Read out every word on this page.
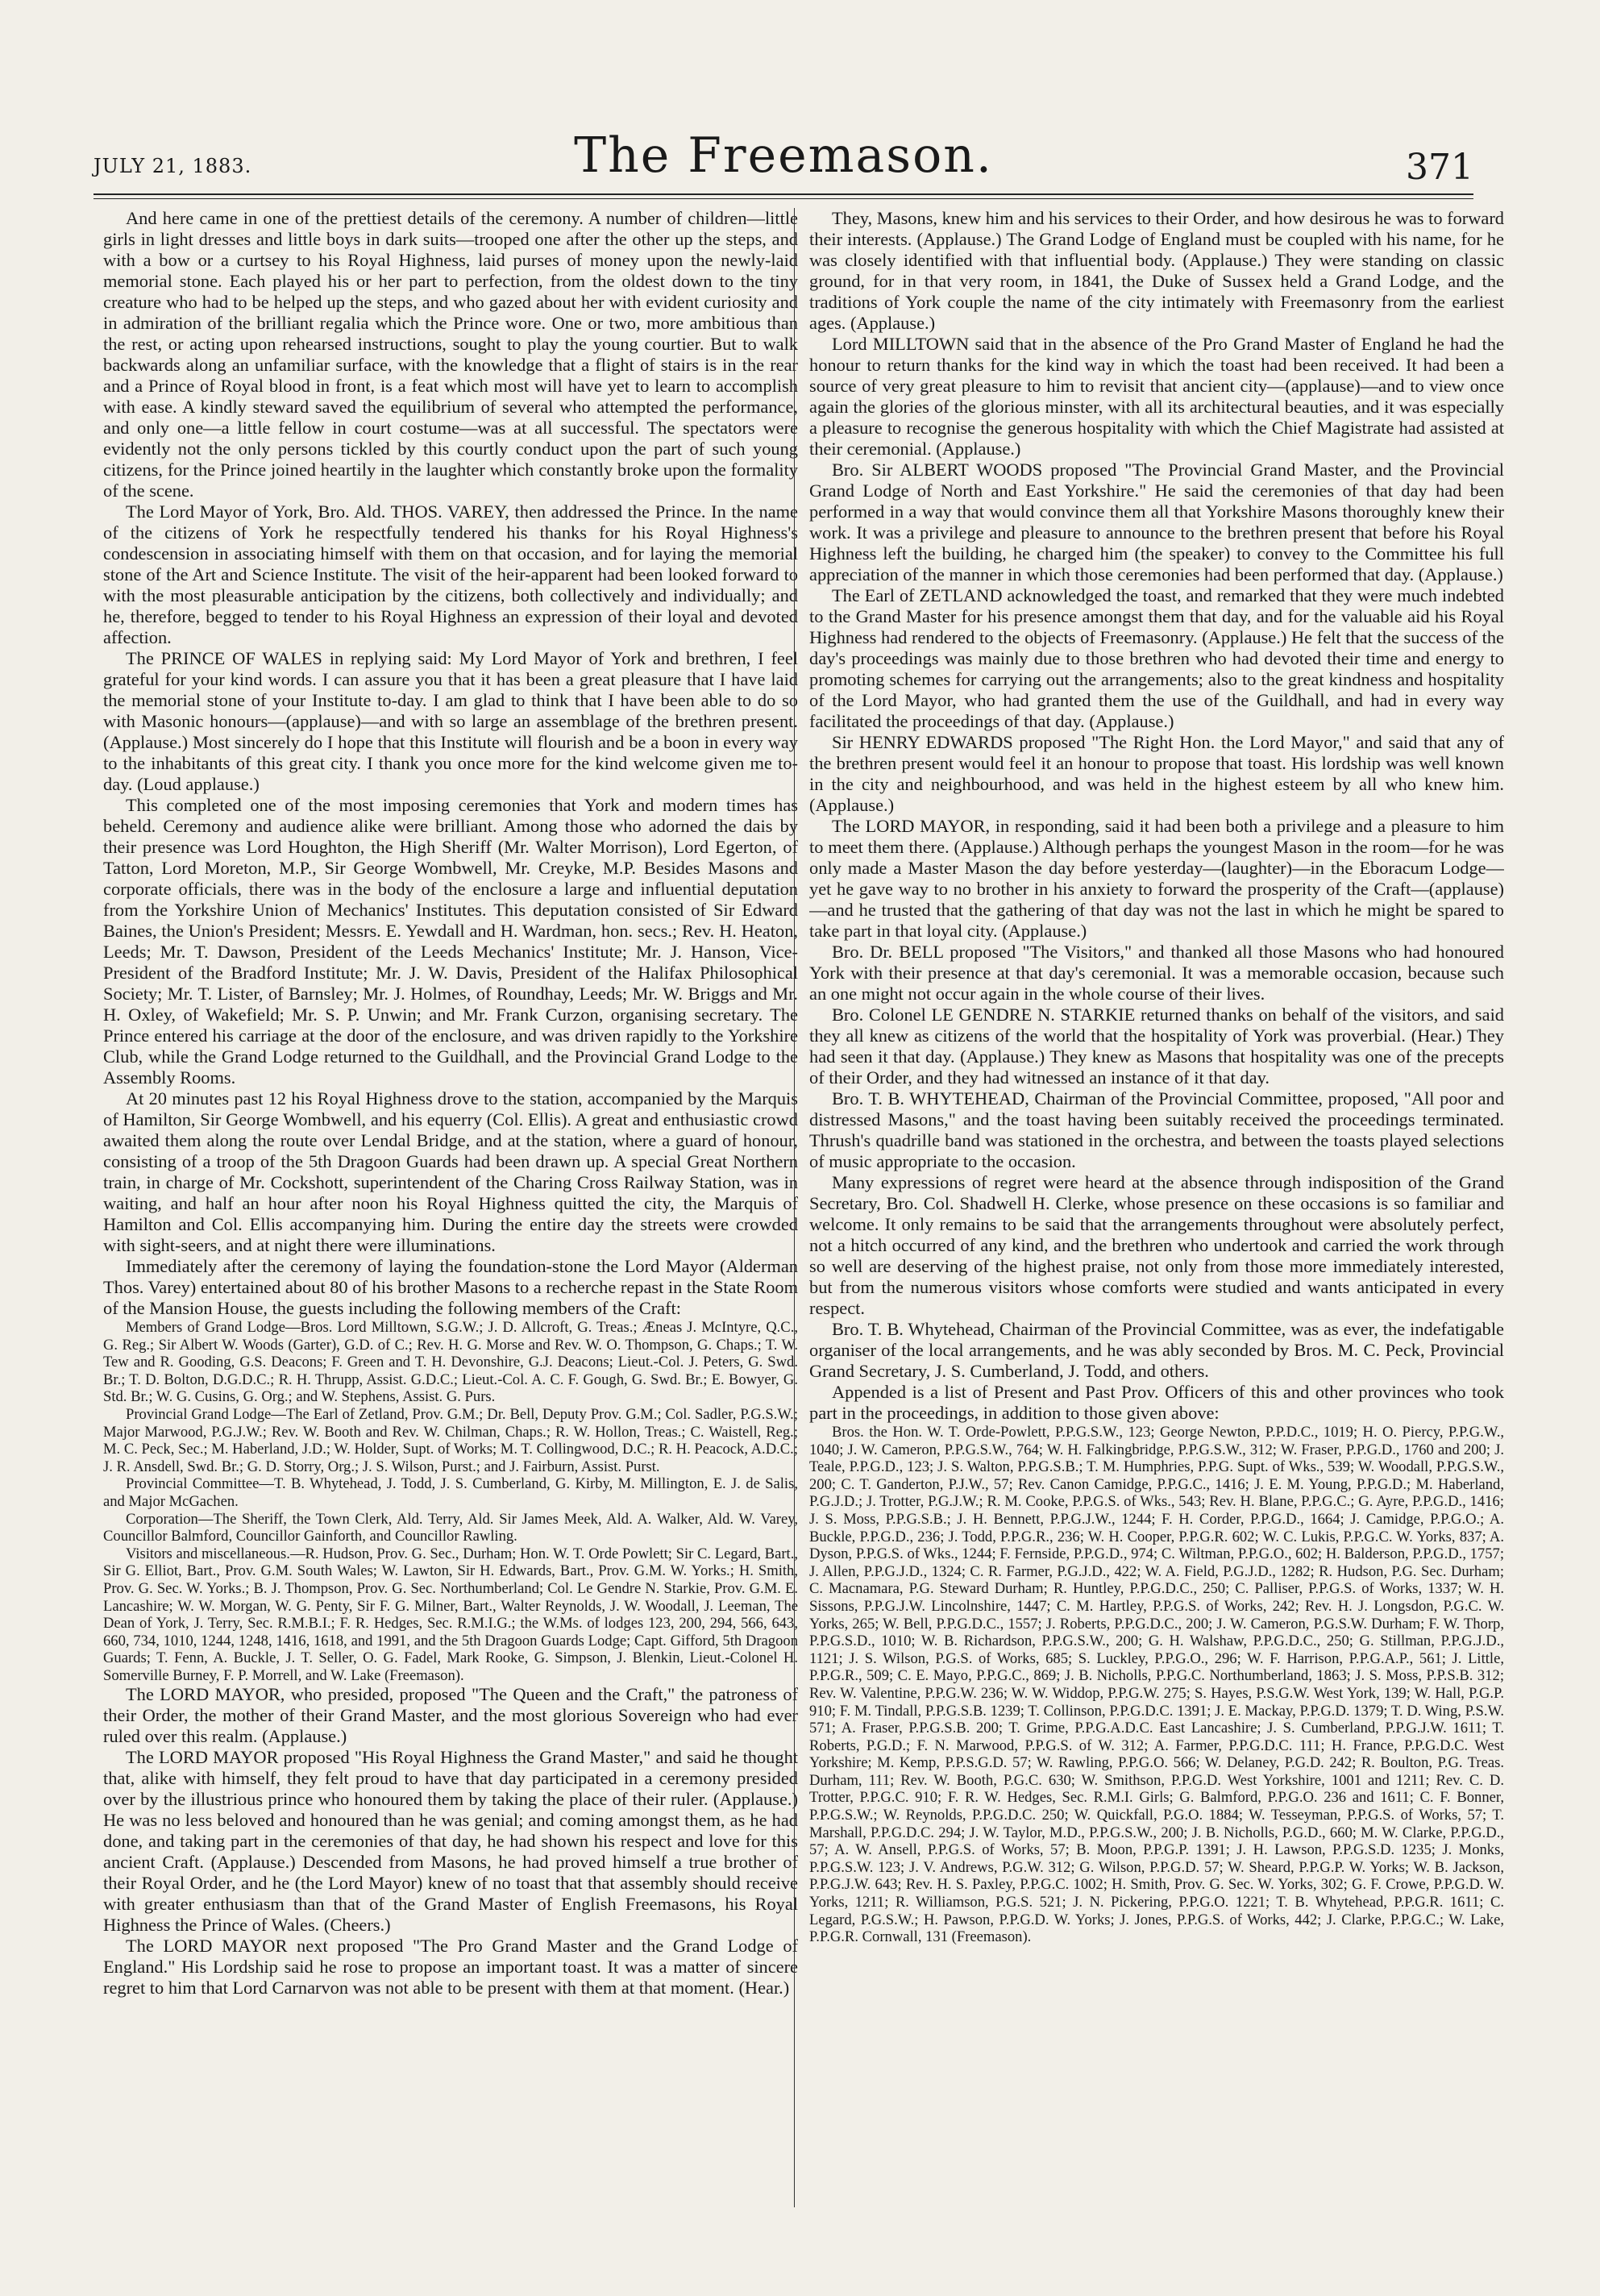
JULY 21, 1883.	The Freemason.	371

And here came in one of the prettiest details of the ceremony. A number of children—little girls in light dresses and little boys in dark suits—trooped one after the other up the steps, and with a bow or a curtsey to his Royal Highness, laid purses of money upon the newly-laid memorial stone. Each played his or her part to perfection, from the oldest down to the tiny creature who had to be helped up the steps, and who gazed about her with evident curiosity and in admiration of the brilliant regalia which the Prince wore. One or two, more ambitious than the rest, or acting upon rehearsed instructions, sought to play the young courtier. But to walk backwards along an unfamiliar surface, with the knowledge that a flight of stairs is in the rear and a Prince of Royal blood in front, is a feat which most will have yet to learn to accomplish with ease. A kindly steward saved the equilibrium of several who attempted the performance, and only one—a little fellow in court costume—was at all successful. The spectators were evidently not the only persons tickled by this courtly conduct upon the part of such young citizens, for the Prince joined heartily in the laughter which constantly broke upon the formality of the scene.

The Lord Mayor of York, Bro. Ald. THOS. VAREY, then addressed the Prince. In the name of the citizens of York he respectfully tendered his thanks for his Royal Highness's condescension in associating himself with them on that occasion, and for laying the memorial stone of the Art and Science Institute. The visit of the heir-apparent had been looked forward to with the most pleasurable anticipation by the citizens, both collectively and individually; and he, therefore, begged to tender to his Royal Highness an expression of their loyal and devoted affection.

The PRINCE OF WALES in replying said: My Lord Mayor of York and brethren, I feel grateful for your kind words. I can assure you that it has been a great pleasure that I have laid the memorial stone of your Institute to-day. I am glad to think that I have been able to do so with Masonic honours—(applause)—and with so large an assemblage of the brethren present. (Applause.) Most sincerely do I hope that this Institute will flourish and be a boon in every way to the inhabitants of this great city. I thank you once more for the kind welcome given me to-day. (Loud applause.)

This completed one of the most imposing ceremonies that York and modern times has beheld. Ceremony and audience alike were brilliant. Among those who adorned the dais by their presence was Lord Houghton, the High Sheriff (Mr. Walter Morrison), Lord Egerton, of Tatton, Lord Moreton, M.P., Sir George Wombwell, Mr. Creyke, M.P. Besides Masons and corporate officials, there was in the body of the enclosure a large and influential deputation from the Yorkshire Union of Mechanics' Institutes. This deputation consisted of Sir Edward Baines, the Union's President; Messrs. E. Yewdall and H. Wardman, hon. secs.; Rev. H. Heaton, Leeds; Mr. T. Dawson, President of the Leeds Mechanics' Institute; Mr. J. Hanson, Vice-President of the Bradford Institute; Mr. J. W. Davis, President of the Halifax Philosophical Society; Mr. T. Lister, of Barnsley; Mr. J. Holmes, of Roundhay, Leeds; Mr. W. Briggs and Mr. H. Oxley, of Wakefield; Mr. S. P. Unwin; and Mr. Frank Curzon, organising secretary. The Prince entered his carriage at the door of the enclosure, and was driven rapidly to the Yorkshire Club, while the Grand Lodge returned to the Guildhall, and the Provincial Grand Lodge to the Assembly Rooms.

At 20 minutes past 12 his Royal Highness drove to the station, accompanied by the Marquis of Hamilton, Sir George Wombwell, and his equerry (Col. Ellis). A great and enthusiastic crowd awaited them along the route over Lendal Bridge, and at the station, where a guard of honour, consisting of a troop of the 5th Dragoon Guards had been drawn up. A special Great Northern train, in charge of Mr. Cockshott, superintendent of the Charing Cross Railway Station, was in waiting, and half an hour after noon his Royal Highness quitted the city, the Marquis of Hamilton and Col. Ellis accompanying him. During the entire day the streets were crowded with sight-seers, and at night there were illuminations.

Immediately after the ceremony of laying the foundation-stone the Lord Mayor (Alderman Thos. Varey) entertained about 80 of his brother Masons to a recherche repast in the State Room of the Mansion House, the guests including the following members of the Craft:

Members of Grand Lodge—Bros. Lord Milltown, S.G.W.; J. D. Allcroft, G. Treas.; Æneas J. McIntyre, Q.C., G. Reg.; Sir Albert W. Woods (Garter), G.D. of C.; Rev. H. G. Morse and Rev. W. O. Thompson, G. Chaps.; T. W. Tew and R. Gooding, G.S. Deacons; F. Green and T. H. Devonshire, G.J. Deacons; Lieut.-Col. J. Peters, G. Swd. Br.; T. D. Bolton, D.G.D.C.; R. H. Thrupp, Assist. G.D.C.; Lieut.-Col. A. C. F. Gough, G. Swd. Br.; E. Bowyer, G. Std. Br.; W. G. Cusins, G. Org.; and W. Stephens, Assist. G. Purs.

Provincial Grand Lodge—The Earl of Zetland, Prov. G.M.; Dr. Bell, Deputy Prov. G.M.; Col. Sadler, P.G.S.W.; Major Marwood, P.G.J.W.; Rev. W. Booth and Rev. W. Chilman, Chaps.; R. W. Hollon, Treas.; C. Waistell, Reg.; M. C. Peck, Sec.; M. Haberland, J.D.; W. Holder, Supt. of Works; M. T. Collingwood, D.C.; R. H. Peacock, A.D.C.; J. R. Ansdell, Swd. Br.; G. D. Storry, Org.; J. S. Wilson, Purst.; and J. Fairburn, Assist. Purst.

Provincial Committee—T. B. Whytehead, J. Todd, J. S. Cumberland, G. Kirby, M. Millington, E. J. de Salis, and Major McGachen.

Corporation—The Sheriff, the Town Clerk, Ald. Terry, Ald. Sir James Meek, Ald. A. Walker, Ald. W. Varey, Councillor Balmford, Councillor Gainforth, and Councillor Rawling.

Visitors and miscellaneous.—R. Hudson, Prov. G. Sec., Durham; Hon. W. T. Orde Powlett; Sir C. Legard, Bart., Sir G. Elliot, Bart., Prov. G.M. South Wales; W. Lawton, Sir H. Edwards, Bart., Prov. G.M. W. Yorks.; H. Smith, Prov. G. Sec. W. Yorks.; B. J. Thompson, Prov. G. Sec. Northumberland; Col. Le Gendre N. Starkie, Prov. G.M. E. Lancashire; W. W. Morgan, W. G. Penty, Sir F. G. Milner, Bart., Walter Reynolds, J. W. Woodall, J. Leeman, The Dean of York, J. Terry, Sec. R.M.B.I.; F. R. Hedges, Sec. R.M.I.G.; the W.Ms. of lodges 123, 200, 294, 566, 643, 660, 734, 1010, 1244, 1248, 1416, 1618, and 1991, and the 5th Dragoon Guards Lodge; Capt. Gifford, 5th Dragoon Guards; T. Fenn, A. Buckle, J. T. Seller, O. G. Fadel, Mark Rooke, G. Simpson, J. Blenkin, Lieut.-Colonel H. Somerville Burney, F. P. Morrell, and W. Lake (Freemason).

The LORD MAYOR, who presided, proposed "The Queen and the Craft," the patroness of their Order, the mother of their Grand Master, and the most glorious Sovereign who had ever ruled over this realm. (Applause.)

The LORD MAYOR proposed "His Royal Highness the Grand Master," and said he thought that, alike with himself, they felt proud to have that day participated in a ceremony presided over by the illustrious prince who honoured them by taking the place of their ruler. (Applause.) He was no less beloved and honoured than he was genial; and coming amongst them, as he had done, and taking part in the ceremonies of that day, he had shown his respect and love for this ancient Craft. (Applause.) Descended from Masons, he had proved himself a true brother of their Royal Order, and he (the Lord Mayor) knew of no toast that that assembly should receive with greater enthusiasm than that of the Grand Master of English Freemasons, his Royal Highness the Prince of Wales. (Cheers.)

The LORD MAYOR next proposed "The Pro Grand Master and the Grand Lodge of England." His Lordship said he rose to propose an important toast. It was a matter of sincere regret to him that Lord Carnarvon was not able to be present with them at that moment. (Hear.)

They, Masons, knew him and his services to their Order, and how desirous he was to forward their interests. (Applause.) The Grand Lodge of England must be coupled with his name, for he was closely identified with that influential body. (Applause.) They were standing on classic ground, for in that very room, in 1841, the Duke of Sussex held a Grand Lodge, and the traditions of York couple the name of the city intimately with Freemasonry from the earliest ages. (Applause.)

Lord MILLTOWN said that in the absence of the Pro Grand Master of England he had the honour to return thanks for the kind way in which the toast had been received. It had been a source of very great pleasure to him to revisit that ancient city—(applause)—and to view once again the glories of the glorious minster, with all its architectural beauties, and it was especially a pleasure to recognise the generous hospitality with which the Chief Magistrate had assisted at their ceremonial. (Applause.)

Bro. Sir ALBERT WOODS proposed "The Provincial Grand Master, and the Provincial Grand Lodge of North and East Yorkshire." He said the ceremonies of that day had been performed in a way that would convince them all that Yorkshire Masons thoroughly knew their work. It was a privilege and pleasure to announce to the brethren present that before his Royal Highness left the building, he charged him (the speaker) to convey to the Committee his full appreciation of the manner in which those ceremonies had been performed that day. (Applause.)

The Earl of ZETLAND acknowledged the toast, and remarked that they were much indebted to the Grand Master for his presence amongst them that day, and for the valuable aid his Royal Highness had rendered to the objects of Freemasonry. (Applause.) He felt that the success of the day's proceedings was mainly due to those brethren who had devoted their time and energy to promoting schemes for carrying out the arrangements; also to the great kindness and hospitality of the Lord Mayor, who had granted them the use of the Guildhall, and had in every way facilitated the proceedings of that day. (Applause.)

Sir HENRY EDWARDS proposed "The Right Hon. the Lord Mayor," and said that any of the brethren present would feel it an honour to propose that toast. His lordship was well known in the city and neighbourhood, and was held in the highest esteem by all who knew him. (Applause.)

The LORD MAYOR, in responding, said it had been both a privilege and a pleasure to him to meet them there. (Applause.) Although perhaps the youngest Mason in the room—for he was only made a Master Mason the day before yesterday—(laughter)—in the Eboracum Lodge—yet he gave way to no brother in his anxiety to forward the prosperity of the Craft—(applause)—and he trusted that the gathering of that day was not the last in which he might be spared to take part in that loyal city. (Applause.)

Bro. Dr. BELL proposed "The Visitors," and thanked all those Masons who had honoured York with their presence at that day's ceremonial. It was a memorable occasion, because such an one might not occur again in the whole course of their lives.

Bro. Colonel LE GENDRE N. STARKIE returned thanks on behalf of the visitors, and said they all knew as citizens of the world that the hospitality of York was proverbial. (Hear.) They had seen it that day. (Applause.) They knew as Masons that hospitality was one of the precepts of their Order, and they had witnessed an instance of it that day.

Bro. T. B. WHYTEHEAD, Chairman of the Provincial Committee, proposed, "All poor and distressed Masons," and the toast having been suitably received the proceedings terminated. Thrush's quadrille band was stationed in the orchestra, and between the toasts played selections of music appropriate to the occasion.

Many expressions of regret were heard at the absence through indisposition of the Grand Secretary, Bro. Col. Shadwell H. Clerke, whose presence on these occasions is so familiar and welcome. It only remains to be said that the arrangements throughout were absolutely perfect, not a hitch occurred of any kind, and the brethren who undertook and carried the work through so well are deserving of the highest praise, not only from those more immediately interested, but from the numerous visitors whose comforts were studied and wants anticipated in every respect.

Bro. T. B. Whytehead, Chairman of the Provincial Committee, was as ever, the indefatigable organiser of the local arrangements, and he was ably seconded by Bros. M. C. Peck, Provincial Grand Secretary, J. S. Cumberland, J. Todd, and others.

Appended is a list of Present and Past Prov. Officers of this and other provinces who took part in the proceedings, in addition to those given above:

Bros. the Hon. W. T. Orde-Powlett, P.P.G.S.W., 123; George Newton, P.P.D.C., 1019; H. O. Piercy, P.P.G.W., 1040; J. W. Cameron, P.P.G.S.W., 764; W. H. Falkingbridge, P.P.G.S.W., 312; W. Fraser, P.P.G.D., 1760 and 200; J. Teale, P.P.G.D., 123; J. S. Walton, P.P.G.S.B.; T. M. Humphries, P.P.G. Supt. of Wks., 539; W. Woodall, P.P.G.S.W., 200; C. T. Ganderton, P.J.W., 57; Rev. Canon Camidge, P.P.G.C., 1416; J. E. M. Young, P.P.G.D.; M. Haberland, P.G.J.D.; J. Trotter, P.G.J.W.; R. M. Cooke, P.P.G.S. of Wks., 543; Rev. H. Blane, P.P.G.C.; G. Ayre, P.P.G.D., 1416; J. S. Moss, P.P.G.S.B.; J. H. Bennett, P.P.G.J.W., 1244; F. H. Corder, P.P.G.D., 1664; J. Camidge, P.P.G.O.; A. Buckle, P.P.G.D., 236; J. Todd, P.P.G.R., 236; W. H. Cooper, P.P.G.R. 602; W. C. Lukis, P.P.G.C. W. Yorks, 837; A. Dyson, P.P.G.S. of Wks., 1244; F. Fernside, P.P.G.D., 974; C. Wiltman, P.P.G.O., 602; H. Balderson, P.P.G.D., 1757; J. Allen, P.P.G.J.D., 1324; C. R. Farmer, P.G.J.D., 422; W. A. Field, P.G.J.D., 1282; R. Hudson, P.G. Sec. Durham; C. Macnamara, P.G. Steward Durham; R. Huntley, P.P.G.D.C., 250; C. Palliser, P.P.G.S. of Works, 1337; W. H. Sissons, P.P.G.J.W. Lincolnshire, 1447; C. M. Hartley, P.P.G.S. of Works, 242; Rev. H. J. Longsdon, P.G.C. W. Yorks, 265; W. Bell, P.P.G.D.C., 1557; J. Roberts, P.P.G.D.C., 200; J. W. Cameron, P.G.S.W. Durham; F. W. Thorp, P.P.G.S.D., 1010; W. B. Richardson, P.P.G.S.W., 200; G. H. Walshaw, P.P.G.D.C., 250; G. Stillman, P.P.G.J.D., 1121; J. S. Wilson, P.G.S. of Works, 685; S. Luckley, P.P.G.O., 296; W. F. Harrison, P.P.G.A.P., 561; J. Little, P.P.G.R., 509; C. E. Mayo, P.P.G.C., 869; J. B. Nicholls, P.P.G.C. Northumberland, 1863; J. S. Moss, P.P.S.B. 312; Rev. W. Valentine, P.P.G.W. 236; W. W. Widdop, P.P.G.W. 275; S. Hayes, P.S.G.W. West York, 139; W. Hall, P.G.P. 910; F. M. Tindall, P.P.G.S.B. 1239; T. Collinson, P.P.G.D.C. 1391; J. E. Mackay, P.P.G.D. 1379; T. D. Wing, P.S.W. 571; A. Fraser, P.P.G.S.B. 200; T. Grime, P.P.G.A.D.C. East Lancashire; J. S. Cumberland, P.P.G.J.W. 1611; T. Roberts, P.G.D.; F. N. Marwood, P.P.G.S. of W. 312; A. Farmer, P.P.G.D.C. 111; H. France, P.P.G.D.C. West Yorkshire; M. Kemp, P.P.S.G.D. 57; W. Rawling, P.P.G.O. 566; W. Delaney, P.G.D. 242; R. Boulton, P.G. Treas. Durham, 111; Rev. W. Booth, P.G.C. 630; W. Smithson, P.P.G.D. West Yorkshire, 1001 and 1211; Rev. C. D. Trotter, P.P.G.C. 910; F. R. W. Hedges, Sec. R.M.I. Girls; G. Balmford, P.P.G.O. 236 and 1611; C. F. Bonner, P.P.G.S.W.; W. Reynolds, P.P.G.D.C. 250; W. Quickfall, P.G.O. 1884; W. Tesseyman, P.P.G.S. of Works, 57; T. Marshall, P.P.G.D.C. 294; J. W. Taylor, M.D., P.P.G.S.W., 200; J. B. Nicholls, P.G.D., 660; M. W. Clarke, P.P.G.D., 57; A. W. Ansell, P.P.G.S. of Works, 57; B. Moon, P.P.G.P. 1391; J. H. Lawson, P.P.G.S.D. 1235; J. Monks, P.P.G.S.W. 123; J. V. Andrews, P.G.W. 312; G. Wilson, P.P.G.D. 57; W. Sheard, P.P.G.P. W. Yorks; W. B. Jackson, P.P.G.J.W. 643; Rev. H. S. Paxley, P.P.G.C. 1002; H. Smith, Prov. G. Sec. W. Yorks, 302; G. F. Crowe, P.P.G.D. W. Yorks, 1211; R. Williamson, P.G.S. 521; J. N. Pickering, P.P.G.O. 1221; T. B. Whytehead, P.P.G.R. 1611; C. Legard, P.G.S.W.; H. Pawson, P.P.G.D. W. Yorks; J. Jones, P.P.G.S. of Works, 442; J. Clarke, P.P.G.C.; W. Lake, P.P.G.R. Cornwall, 131 (Freemason).
